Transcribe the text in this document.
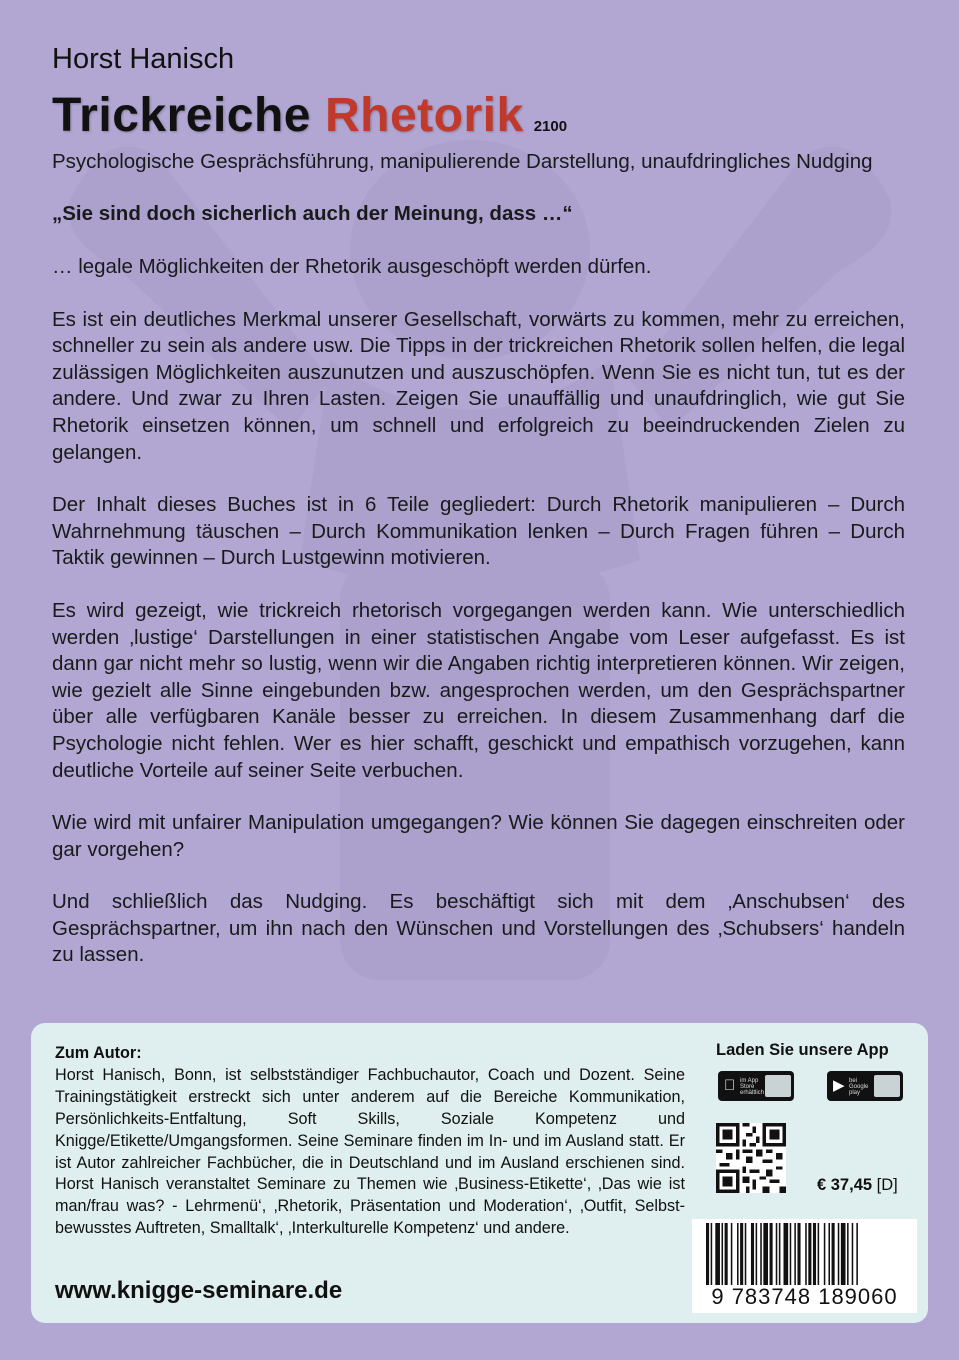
Horst Hanisch

Trickreiche Rhetorik 2100

Psychologische Gesprächsführung, manipulierende Darstellung, unaufdringliches Nudging

„Sie sind doch sicherlich auch der Meinung, dass …“

… legale Möglichkeiten der Rhetorik ausgeschöpft werden dürfen.

Es ist ein deutliches Merkmal unserer Gesellschaft, vorwärts zu kommen, mehr zu erreichen, schneller zu sein als andere usw. Die Tipps in der trickreichen Rhetorik sollen helfen, die legal zulässigen Möglichkeiten auszunutzen und auszuschöpfen. Wenn Sie es nicht tun, tut es der andere. Und zwar zu Ihren Lasten. Zeigen Sie unauffällig und unaufdringlich, wie gut Sie Rhetorik einsetzen können, um schnell und erfolgreich zu beeindruckenden Zielen zu gelangen.

Der Inhalt dieses Buches ist in 6 Teile gegliedert: Durch Rhetorik manipulieren – Durch Wahrnehmung täuschen – Durch Kommunikation lenken – Durch Fragen führen – Durch Taktik gewinnen – Durch Lustgewinn motivieren.

Es wird gezeigt, wie trickreich rhetorisch vorgegangen werden kann. Wie unterschiedlich werden ‚lustige‘ Darstellungen in einer statistischen Angabe vom Leser aufgefasst. Es ist dann gar nicht mehr so lustig, wenn wir die Angaben richtig interpretieren können. Wir zeigen, wie gezielt alle Sinne eingebunden bzw. angesprochen werden, um den Gesprächspartner über alle verfügbaren Kanäle besser zu erreichen. In diesem Zusammenhang darf die Psychologie nicht fehlen. Wer es hier schafft, geschickt und empathisch vorzugehen, kann deutliche Vorteile auf seiner Seite verbuchen.

Wie wird mit unfairer Manipulation umgegangen? Wie können Sie dagegen einschreiten oder gar vorgehen?

Und schließlich das Nudging. Es beschäftigt sich mit dem ‚Anschubsen‘ des Gesprächspartner, um ihn nach den Wünschen und Vorstellungen des ‚Schubsers‘ handeln zu lassen.

Zum Autor:
Horst Hanisch, Bonn, ist selbstständiger Fachbuchautor, Coach und Dozent. Seine Trainingstätigkeit erstreckt sich unter anderem auf die Bereiche Kommunikation, Persönlichkeits-Entfaltung, Soft Skills, Soziale Kompetenz und Knigge/Etikette/Umgangsformen. Seine Seminare finden im In- und im Ausland statt. Er ist Autor zahlreicher Fachbücher, die in Deutschland und im Ausland erschienen sind. Horst Hanisch veranstaltet Seminare zu Themen wie ‚Business-Etikette‘, ‚Das wie ist man/frau was? - Lehrmenü‘, ‚Rhetorik, Präsentation und Moderation‘, ‚Outfit, Selbst- bewusstes Auftreten, Smalltalk‘, ‚Interkulturelle Kompetenz‘ und andere.
www.knigge-seminare.de
Laden Sie unsere App
im App Store erhältlich	▶ bei Google play
€ 37,45 [D]
9 783748 189060
